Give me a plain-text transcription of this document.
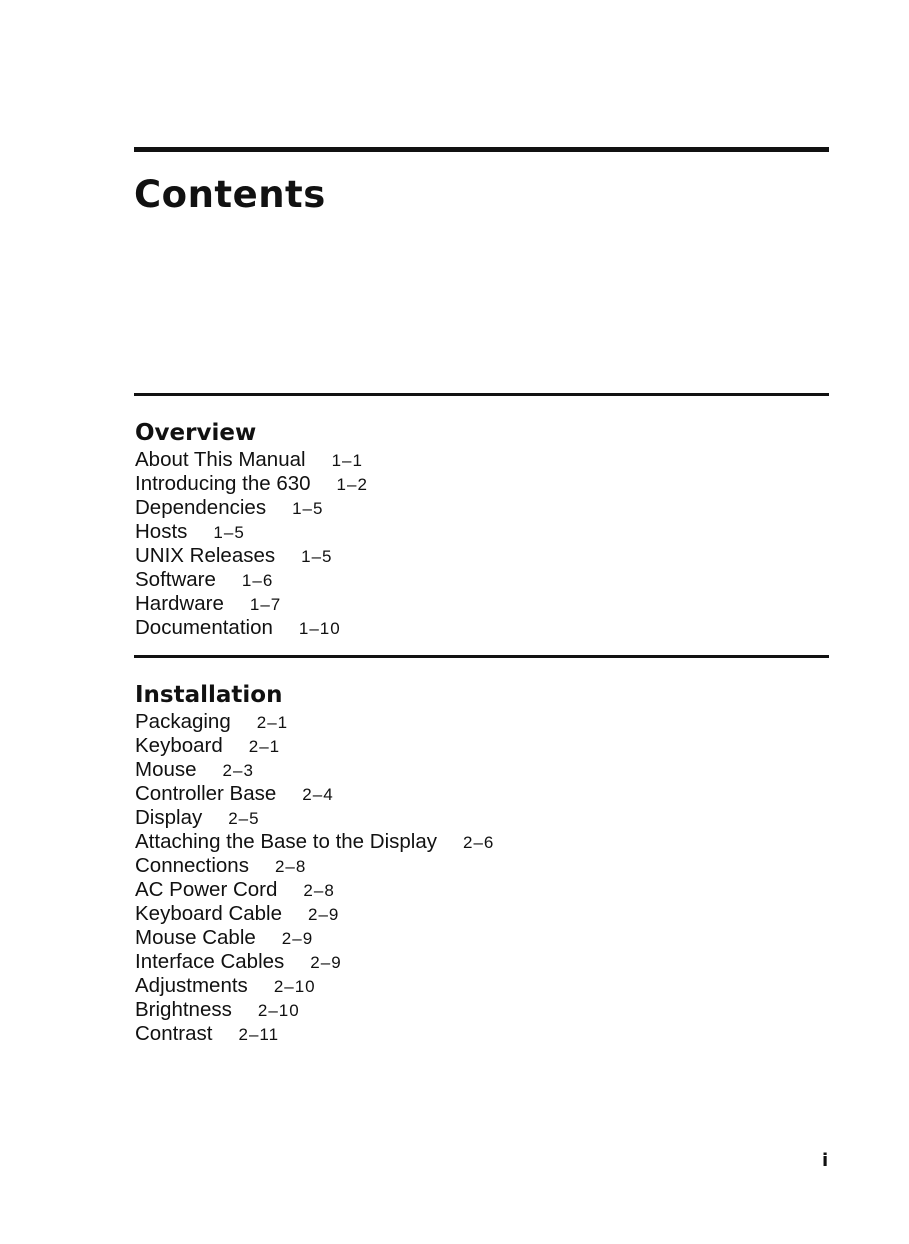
Contents
Overview
About This Manual 1–1
Introducing the 630 1–2
Dependencies 1–5
Hosts 1–5
UNIX Releases 1–5
Software 1–6
Hardware 1–7
Documentation 1–10
Installation
Packaging 2–1
Keyboard 2–1
Mouse 2–3
Controller Base 2–4
Display 2–5
Attaching the Base to the Display 2–6
Connections 2–8
AC Power Cord 2–8
Keyboard Cable 2–9
Mouse Cable 2–9
Interface Cables 2–9
Adjustments 2–10
Brightness 2–10
Contrast 2–11
i
